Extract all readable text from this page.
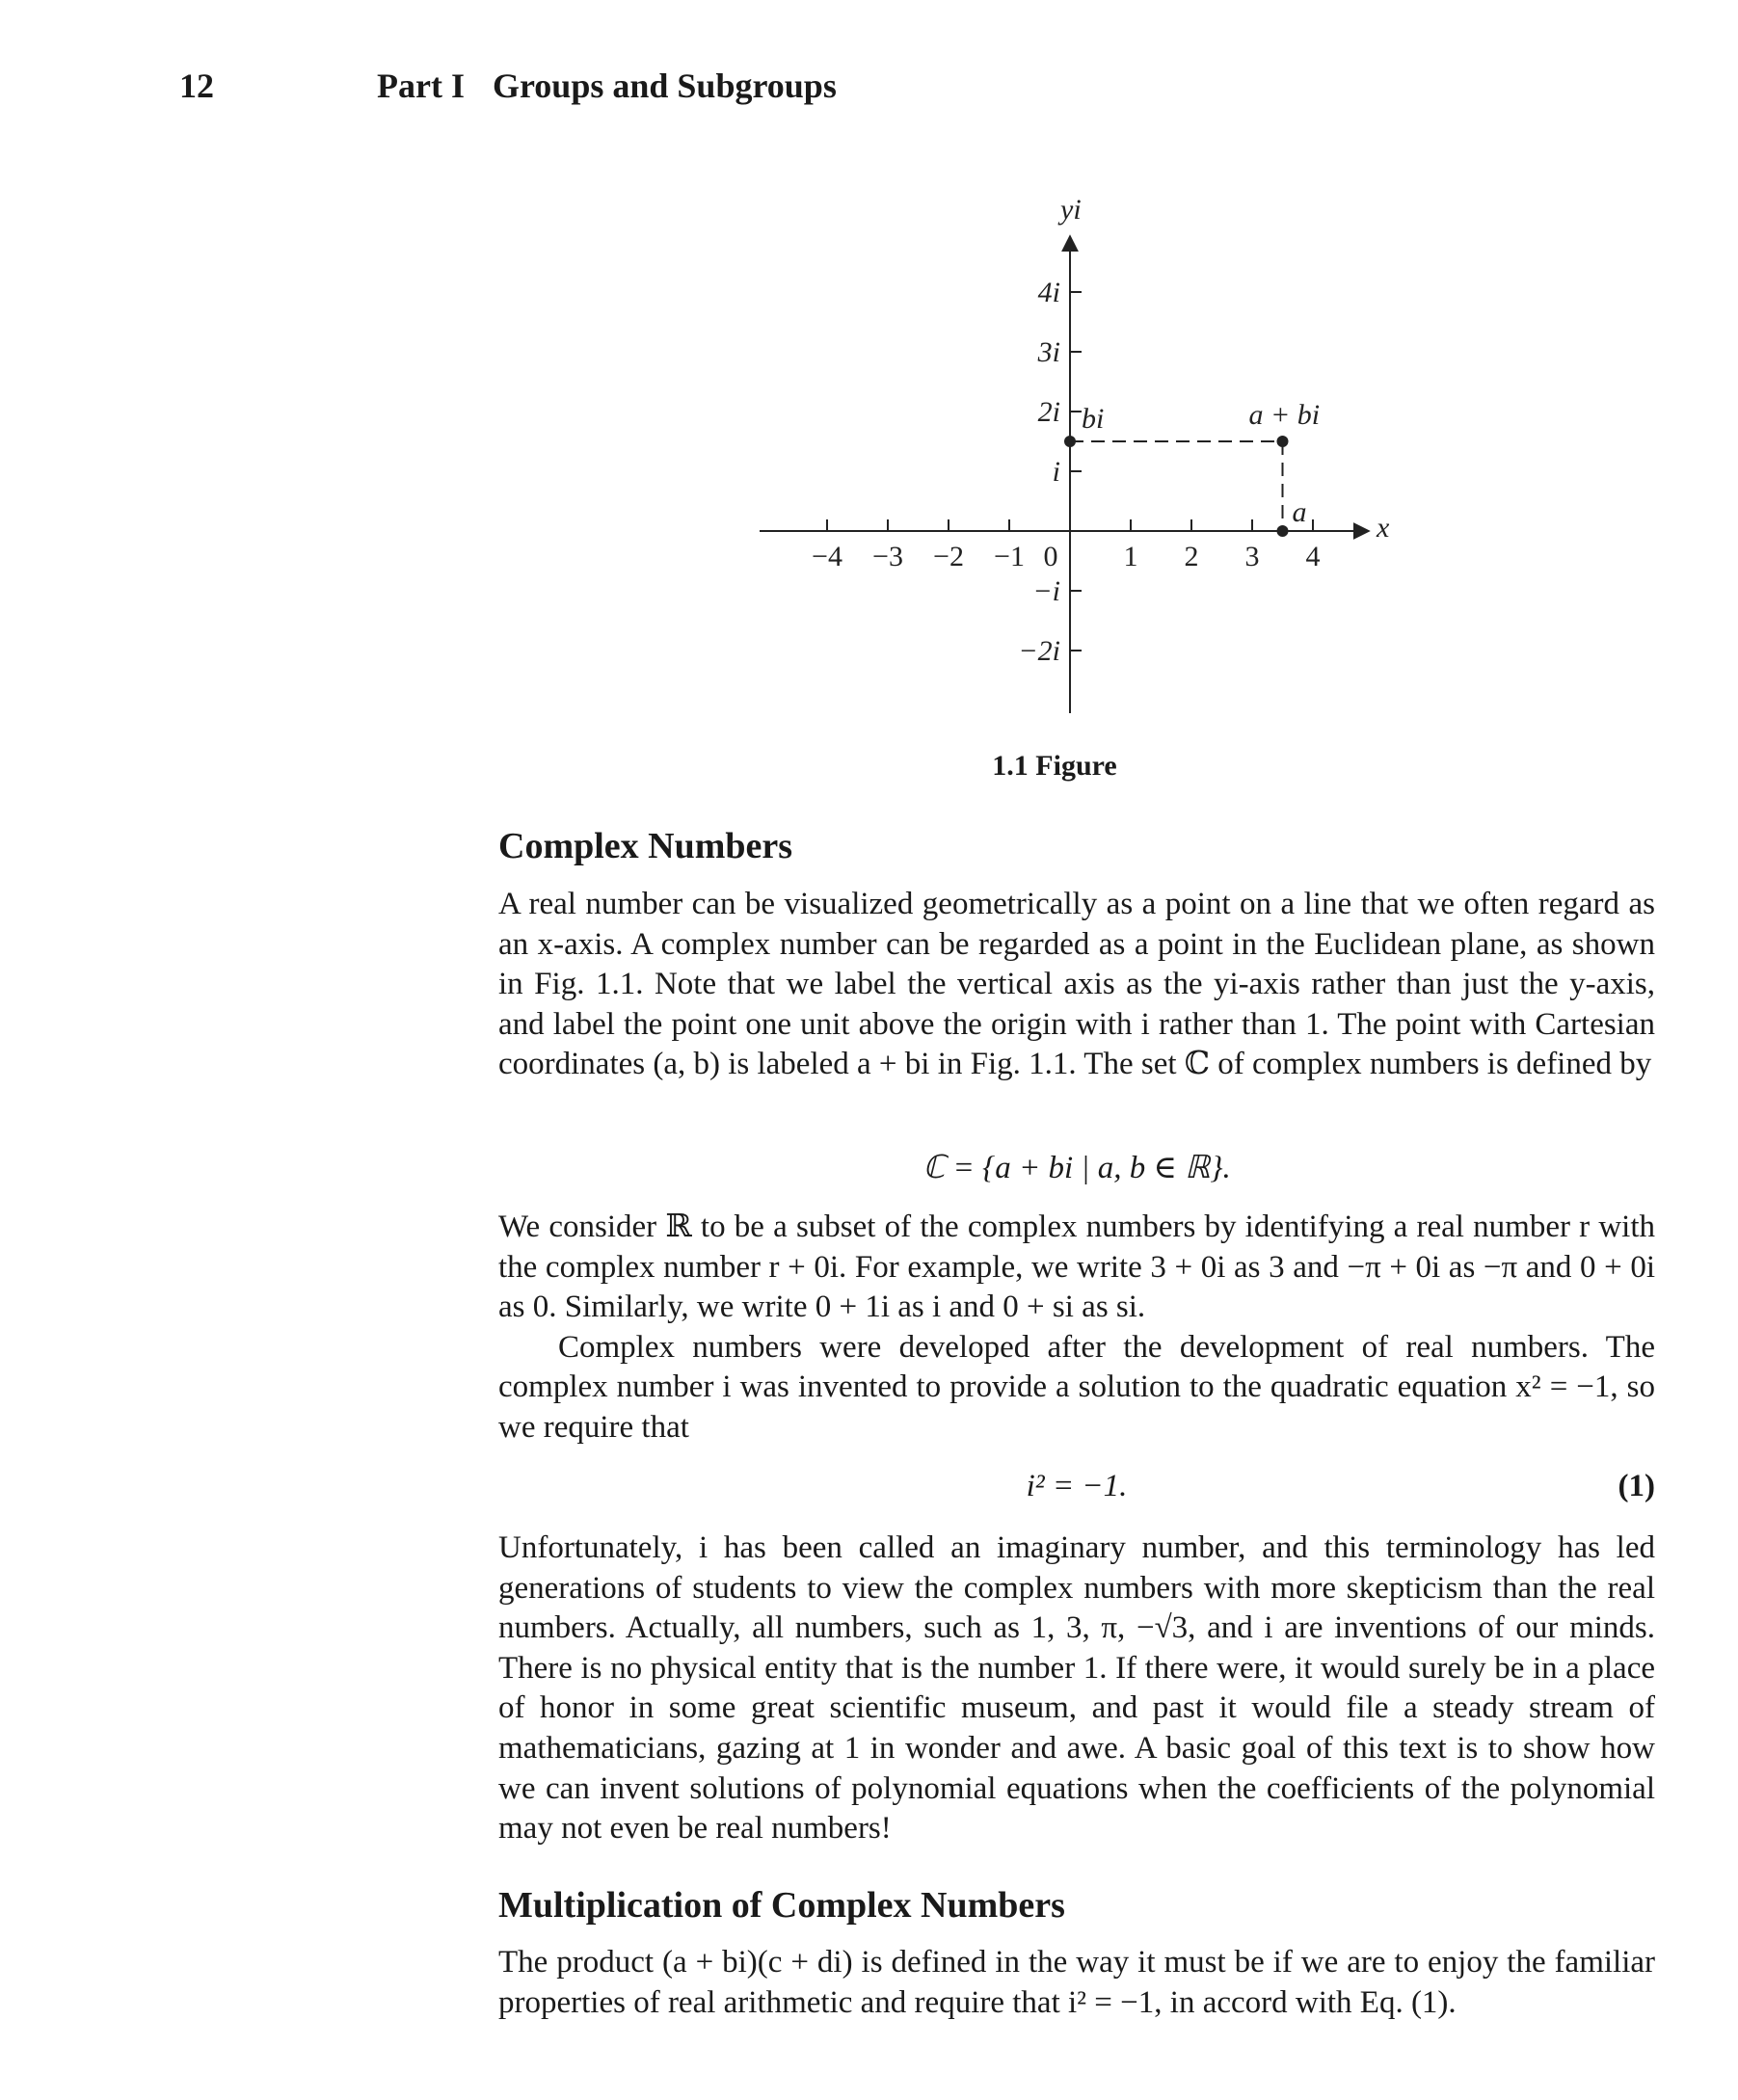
12	Part I Groups and Subgroups
yi
x
−4 −3 −2 −1 0 1 2 3 4
4i
3i
2i
i
−i
−2i
a + bi
bi
a
1.1 Figure
Complex Numbers

A real number can be visualized geometrically as a point on a line that we often regard as an x-axis. A complex number can be regarded as a point in the Euclidean plane, as shown in Fig. 1.1. Note that we label the vertical axis as the yi-axis rather than just the y-axis, and label the point one unit above the origin with i rather than 1. The point with Cartesian coordinates (a, b) is labeled a + bi in Fig. 1.1. The set ℂ of complex numbers is defined by

ℂ = {a + bi | a, b ∈ ℝ}.

We consider ℝ to be a subset of the complex numbers by identifying a real number r with the complex number r + 0i. For example, we write 3 + 0i as 3 and −π + 0i as −π and 0 + 0i as 0. Similarly, we write 0 + 1i as i and 0 + si as si.

Complex numbers were developed after the development of real numbers. The complex number i was invented to provide a solution to the quadratic equation x² = −1, so we require that

i² = −1.	(1)

Unfortunately, i has been called an imaginary number, and this terminology has led generations of students to view the complex numbers with more skepticism than the real numbers. Actually, all numbers, such as 1, 3, π, −√3, and i are inventions of our minds. There is no physical entity that is the number 1. If there were, it would surely be in a place of honor in some great scientific museum, and past it would file a steady stream of mathematicians, gazing at 1 in wonder and awe. A basic goal of this text is to show how we can invent solutions of polynomial equations when the coefficients of the polynomial may not even be real numbers!

Multiplication of Complex Numbers

The product (a + bi)(c + di) is defined in the way it must be if we are to enjoy the familiar properties of real arithmetic and require that i² = −1, in accord with Eq. (1).
